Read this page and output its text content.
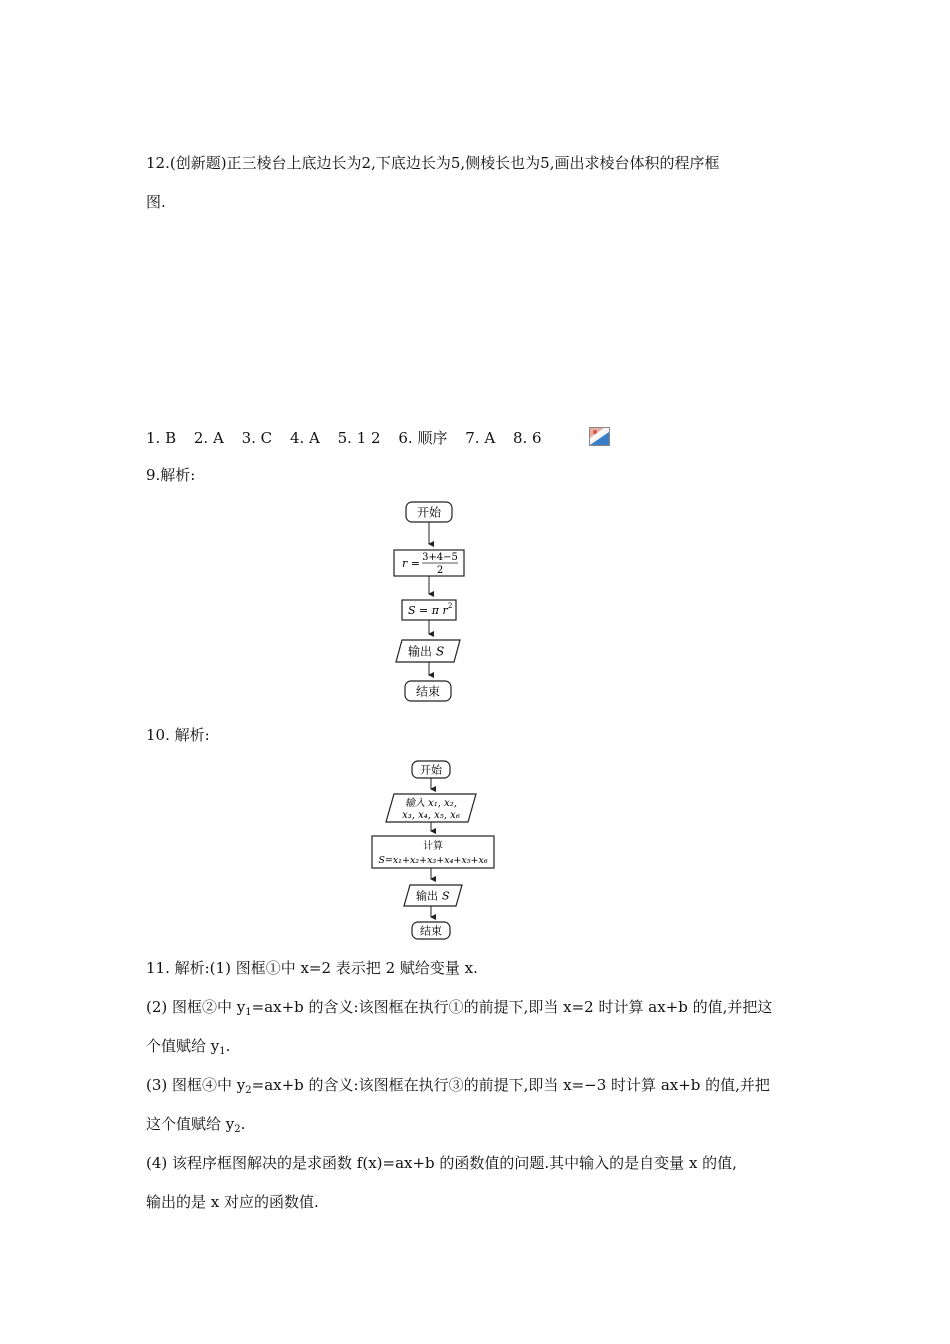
12.(创新题)正三棱台上底边长为2,下底边长为5,侧棱长也为5,画出求棱台体积的程序框
图.
1. B 2. A 3. C 4. A 5. 1 2 6. 顺序 7. A 8. 6
9.解析:
开始
r = 3+4−5
2
S = π r 2
输出 S
结束
10. 解析:
开始
输入 x₁, x₂,
x₃, x₄, x₅, x₆
计算
S=x₁+x₂+x₃+x₄+x₅+x₆
输出 S
结束
11. 解析:(1) 图框①中 x=2 表示把 2 赋给变量 x.
(2) 图框②中 $y_1=ax+b$ 的含义:该图框在执行①的前提下,即当 x=2 时计算 ax+b 的值,并把这
个值赋给 $y_1$.
(3) 图框④中 $y_2=ax+b$ 的含义:该图框在执行③的前提下,即当 x=−3 时计算 ax+b 的值,并把
这个值赋给 $y_2$.
(4) 该程序框图解决的是求函数 f(x)=ax+b 的函数值的问题.其中输入的是自变量 x 的值,
输出的是 x 对应的函数值.
